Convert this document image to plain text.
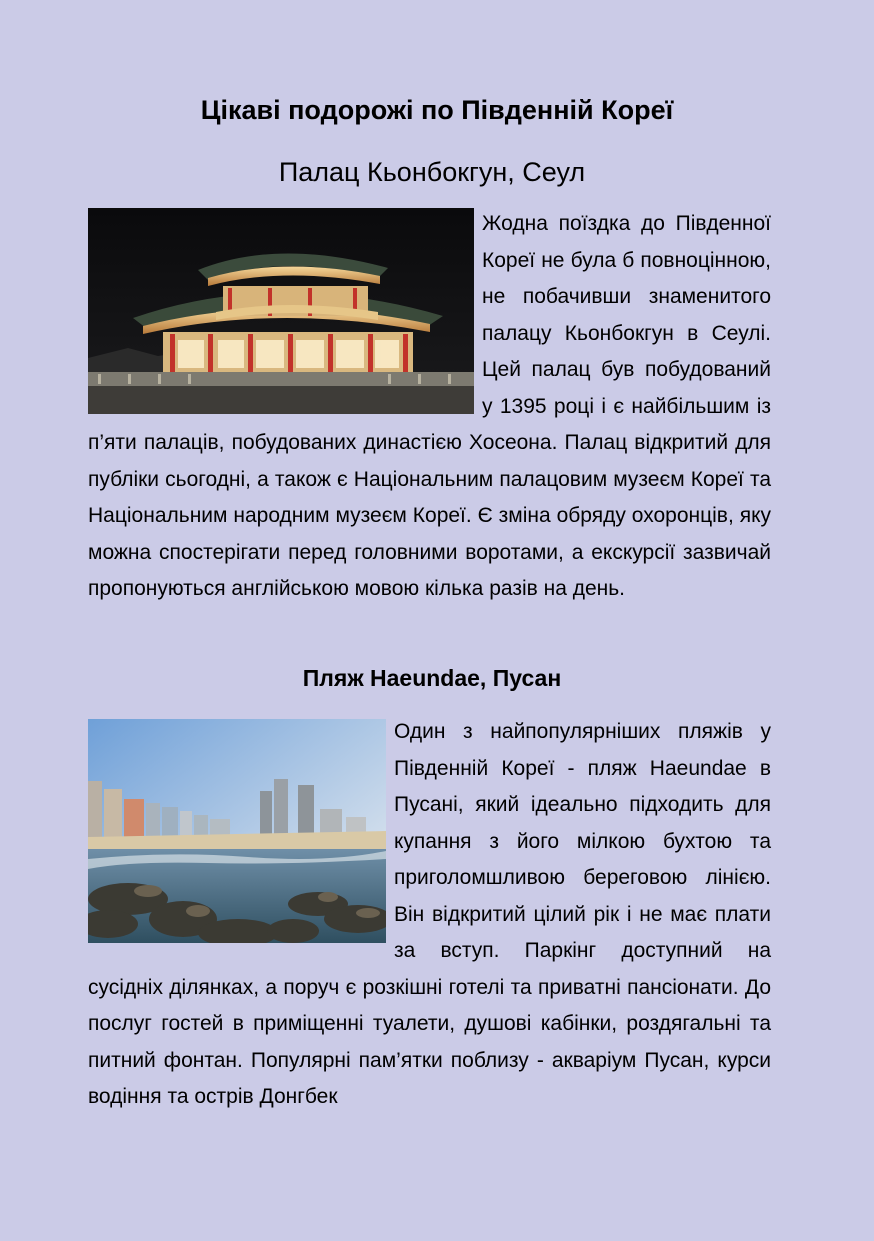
Цікаві подорожі по Південній Кореї
Палац Кьонбокгун, Сеул

Жодна поїздка до Південної Кореї не була б повноцінною, не побачивши знаменитого палацу Кьонбокгун в Сеулі. Цей палац був побудований у 1395 році і є найбільшим із п’яти палаців, побудованих династією Хосеона. Палац відкритий для публіки сьогодні, а також є Національним палацовим музеєм Кореї та Національним народним музеєм Кореї. Є зміна обряду охоронців, яку можна спостерігати перед головними воротами, а екскурсії зазвичай пропонуються англійською мовою кілька разів на день.

Пляж Haeundae, Пусан

Один з найпопулярніших пляжів у Південній Кореї - пляж Haeundae в Пусані, який ідеально підходить для купання з його мілкою бухтою та приголомшливою береговою лінією. Він відкритий цілий рік і не має плати за вступ. Паркінг доступний на сусідніх ділянках, а поруч є розкішні готелі та приватні пансіонати. До послуг гостей в приміщенні туалети, душові кабінки, роздягальні та питний фонтан. Популярні пам’ятки поблизу - акваріум Пусан, курси водіння та острів Донгбек
